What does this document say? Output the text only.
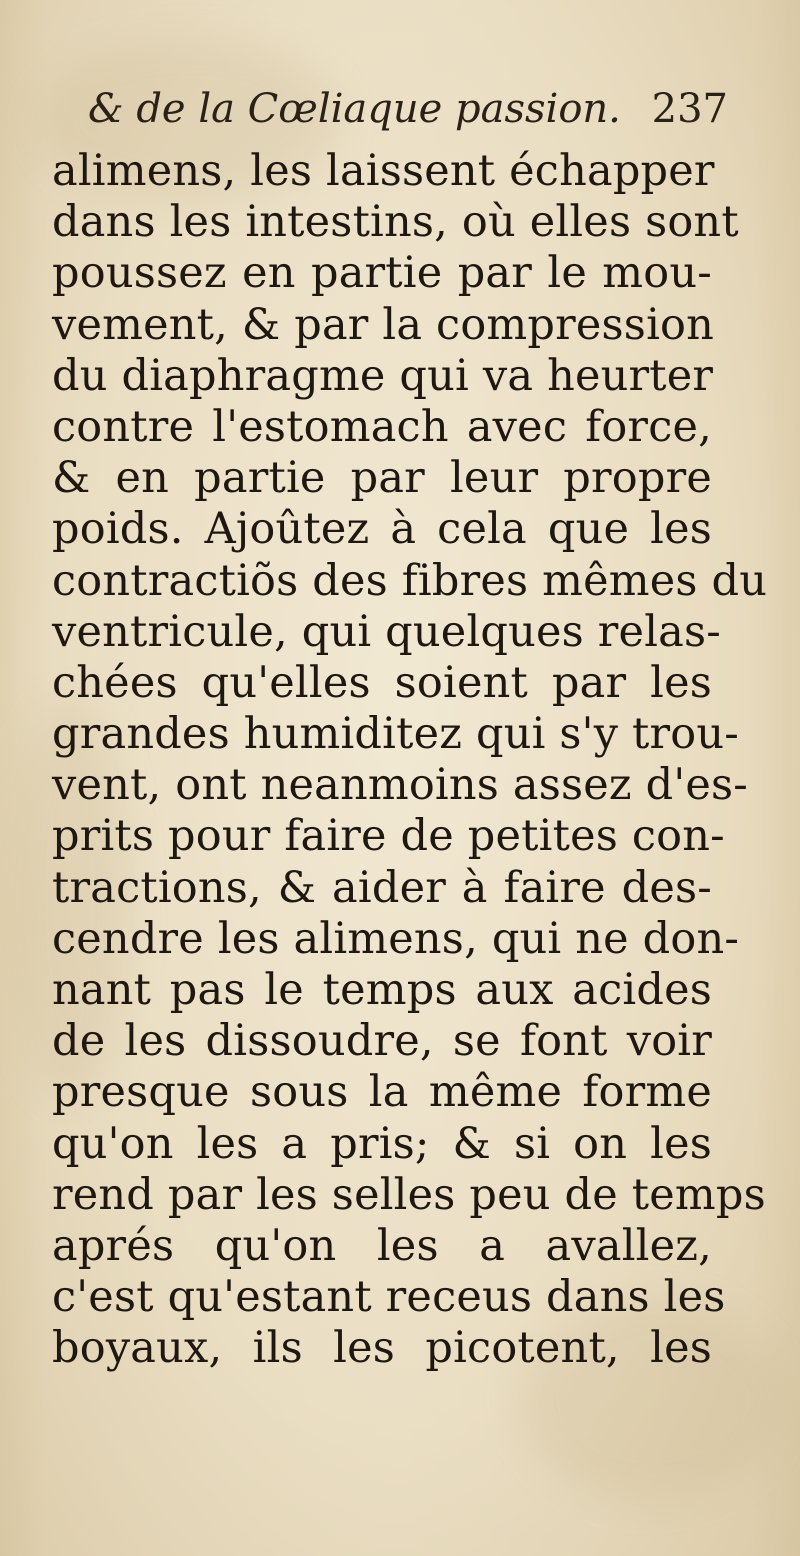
& de la Cœliaque passion. 237
alimens, les laissent échapper
dans les intestins, où elles sont
poussez en partie par le mou-
vement, & par la compression
du diaphragme qui va heurter
contre l'estomach avec force,
& en partie par leur propre
poids. Ajoûtez à cela que les
contractiõs des fibres mêmes du
ventricule, qui quelques relas-
chées qu'elles soient par les
grandes humiditez qui s'y trou-
vent, ont neanmoins assez d'es-
prits pour faire de petites con-
tractions, & aider à faire des-
cendre les alimens, qui ne don-
nant pas le temps aux acides
de les dissoudre, se font voir
presque sous la même forme
qu'on les a pris; & si on les
rend par les selles peu de temps
aprés qu'on les a avallez,
c'est qu'estant receus dans les
boyaux, ils les picotent, les
